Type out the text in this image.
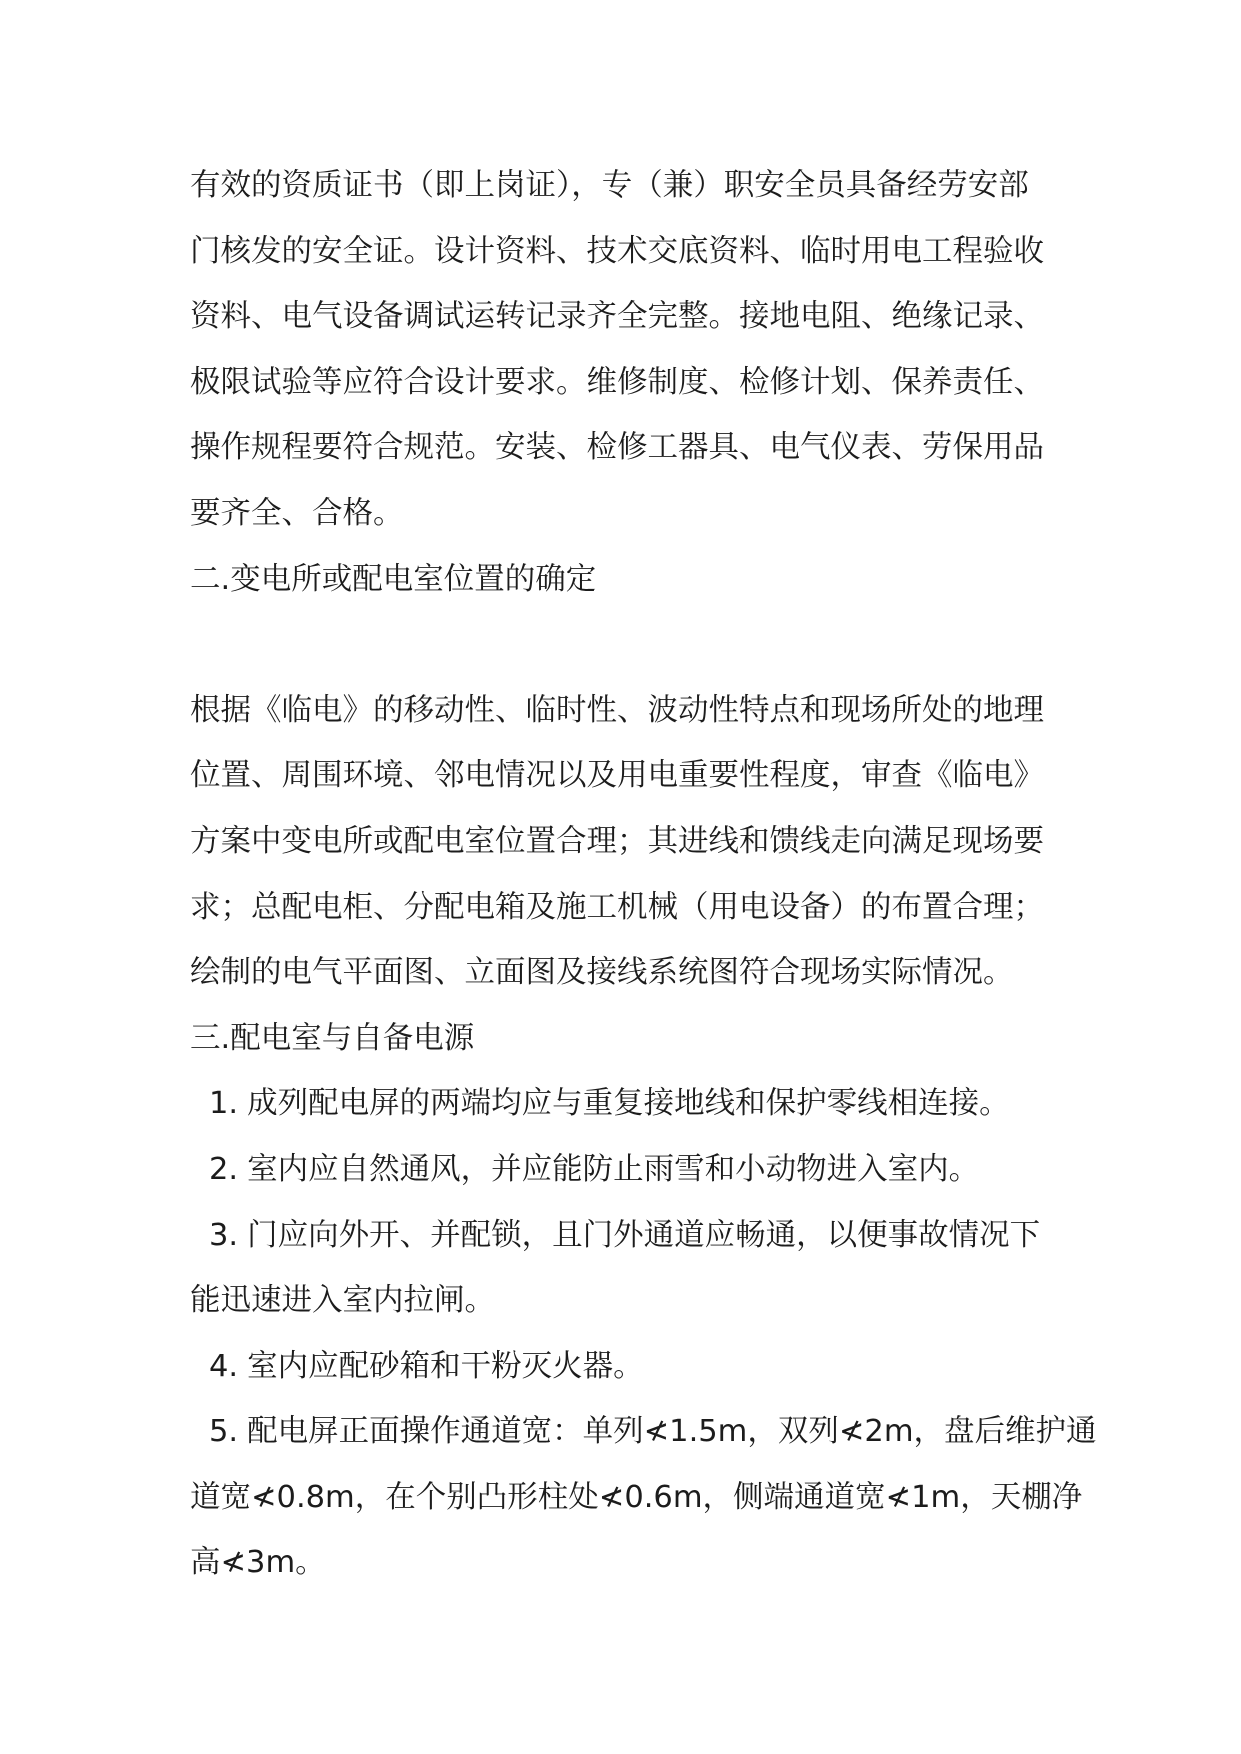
有效的资质证书（即上岗证），专（兼）职安全员具备经劳安部
门核发的安全证。设计资料、技术交底资料、临时用电工程验收
资料、电气设备调试运转记录齐全完整。接地电阻、绝缘记录、
极限试验等应符合设计要求。维修制度、检修计划、保养责任、
操作规程要符合规范。安装、检修工器具、电气仪表、劳保用品
要齐全、合格。
二.变电所或配电室位置的确定
根据《临电》的移动性、临时性、波动性特点和现场所处的地理
位置、周围环境、邻电情况以及用电重要性程度，审查《临电》
方案中变电所或配电室位置合理；其进线和馈线走向满足现场要
求；总配电柜、分配电箱及施工机械（用电设备）的布置合理；
绘制的电气平面图、立面图及接线系统图符合现场实际情况。
三.配电室与自备电源
1. 成列配电屏的两端均应与重复接地线和保护零线相连接。
2. 室内应自然通风，并应能防止雨雪和小动物进入室内。
3. 门应向外开、并配锁，且门外通道应畅通，以便事故情况下
能迅速进入室内拉闸。
4. 室内应配砂箱和干粉灭火器。
5. 配电屏正面操作通道宽：单列≮1.5m，双列≮2m，盘后维护通
道宽≮0.8m，在个别凸形柱处≮0.6m，侧端通道宽≮1m，天棚净
高≮3m。
